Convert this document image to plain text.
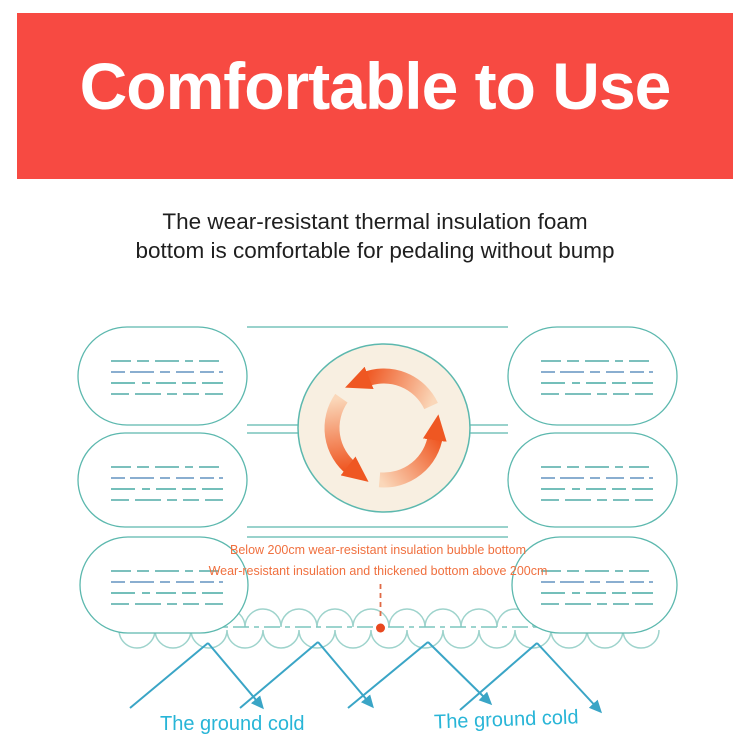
Comfortable to Use
The wear-resistant thermal insulation foam
bottom is comfortable for pedaling without bump
Below 200cm wear-resistant insulation bubble bottom
Wear-resistant insulation and thickened bottom above 200cm
The ground cold	The ground cold
